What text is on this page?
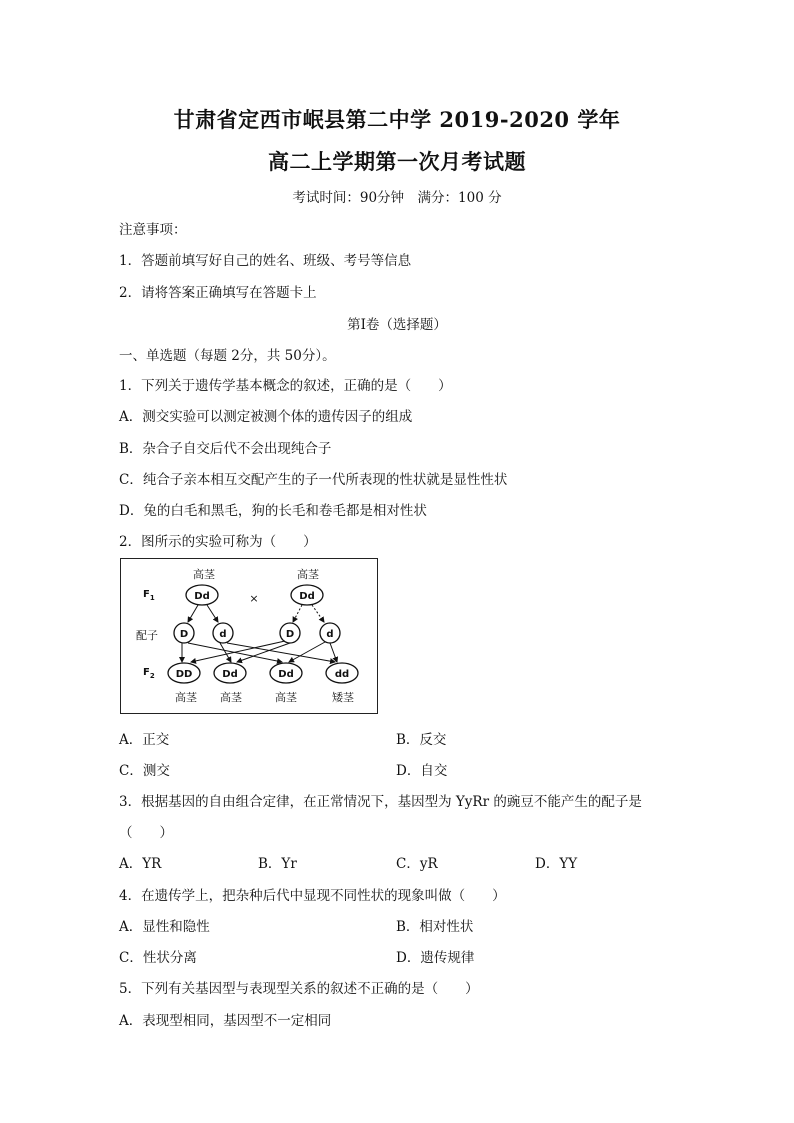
甘肃省定西市岷县第二中学 2019-2020 学年
高二上学期第一次月考试题
考试时间：90分钟　满分：100 分
注意事项：
1．答题前填写好自己的姓名、班级、考号等信息
2．请将答案正确填写在答题卡上
第Ⅰ卷（选择题）
一、单选题（每题 2分，共 50分）。
1．下列关于遗传学基本概念的叙述，正确的是（　　）
A．测交实验可以测定被测个体的遗传因子的组成
B．杂合子自交后代不会出现纯合子
C．纯合子亲本相互交配产生的子一代所表现的性状就是显性性状
D．兔的白毛和黑毛，狗的长毛和卷毛都是相对性状
2．图所示的实验可称为（　　）
$F_1$
配子
$F_2$
高茎
Dd	×
高茎
Dd
D	d	D	d
DD	Dd	Dd	dd
高茎 高茎	高茎	矮茎
A．正交	B．反交
C．测交	D．自交
3．根据基因的自由组合定律，在正常情况下，基因型为 YyRr 的豌豆不能产生的配子是
（　　）
A．YR	B．Yr	C．yR	D．YY
4．在遗传学上，把杂种后代中显现不同性状的现象叫做（　　）
A．显性和隐性	B．相对性状
C．性状分离	D．遗传规律
5．下列有关基因型与表现型关系的叙述不正确的是（　　）
A．表现型相同，基因型不一定相同
